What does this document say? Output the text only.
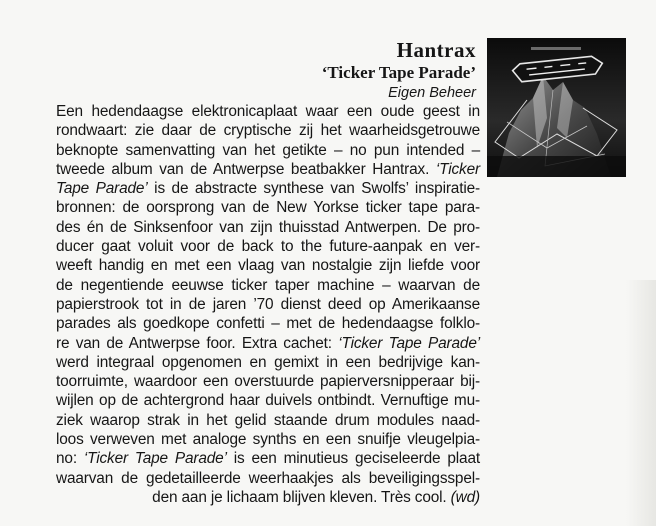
Hantrax
‘Ticker Tape Parade’
Eigen Beheer
Een hedendaagse elektronicaplaat waar een oude geest in
rondwaart: zie daar de cryptische zij het waarheidsgetrouwe
beknopte samenvatting van het getikte – no pun intended –
tweede album van de Antwerpse beatbakker Hantrax. ‘Ticker
Tape Parade’ is de abstracte synthese van Swolfs’ inspiratie-
bronnen: de oorsprong van de New Yorkse ticker tape para-
des én de Sinksenfoor van zijn thuisstad Antwerpen. De pro-
ducer gaat voluit voor de back to the future-aanpak en ver-
weeft handig en met een vlaag van nostalgie zijn liefde voor
de negentiende eeuwse ticker taper machine – waarvan de
papierstrook tot in de jaren ’70 dienst deed op Amerikaanse
parades als goedkope confetti – met de hedendaagse folklo-
re van de Antwerpse foor. Extra cachet: ‘Ticker Tape Parade’
werd integraal opgenomen en gemixt in een bedrijvige kan-
toorruimte, waardoor een overstuurde papierversnipperaar bij-
wijlen op de achtergrond haar duivels ontbindt. Vernuftige mu-
ziek waarop strak in het gelid staande drum modules naad-
loos verweven met analoge synths en een snuifje vleugelpia-
no: ‘Ticker Tape Parade’ is een minutieus geciseleerde plaat
waarvan de gedetailleerde weerhaakjes als beveiligingsspel-
den aan je lichaam blijven kleven. Très cool. (wd)
